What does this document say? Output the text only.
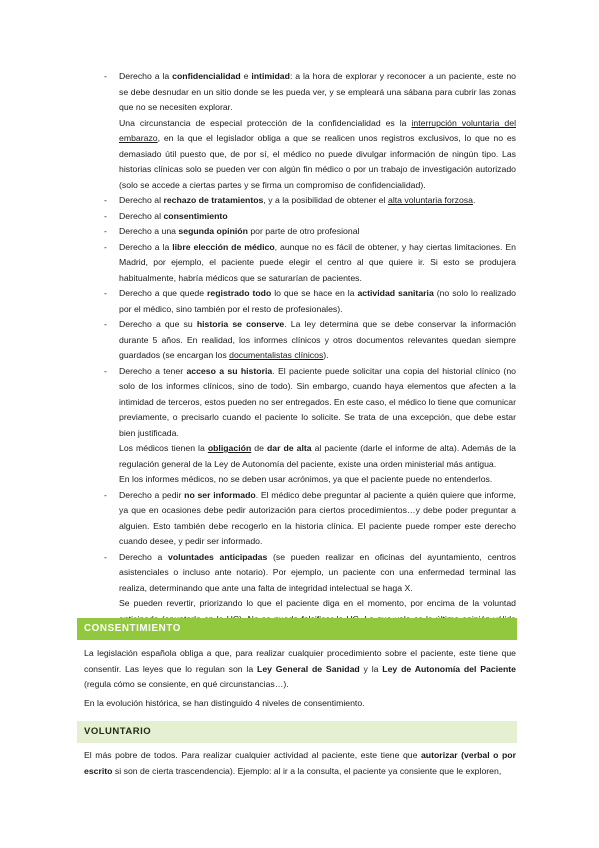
- Derecho a la confidencialidad e intimidad: a la hora de explorar y reconocer a un paciente, este no se debe desnudar en un sitio donde se les pueda ver, y se empleará una sábana para cubrir las zonas que no se necesiten explorar.
Una circunstancia de especial protección de la confidencialidad es la interrupción voluntaria del embarazo, en la que el legislador obliga a que se realicen unos registros exclusivos, lo que no es demasiado útil puesto que, de por sí, el médico no puede divulgar información de ningún tipo. Las historias clínicas solo se pueden ver con algún fin médico o por un trabajo de investigación autorizado (solo se accede a ciertas partes y se firma un compromiso de confidencialidad).
- Derecho al rechazo de tratamientos, y a la posibilidad de obtener el alta voluntaria forzosa.
- Derecho al consentimiento
- Derecho a una segunda opinión por parte de otro profesional
- Derecho a la libre elección de médico, aunque no es fácil de obtener, y hay ciertas limitaciones. En Madrid, por ejemplo, el paciente puede elegir el centro al que quiere ir. Si esto se produjera habitualmente, habría médicos que se saturarían de pacientes.
- Derecho a que quede registrado todo lo que se hace en la actividad sanitaria (no solo lo realizado por el médico, sino también por el resto de profesionales).
- Derecho a que su historia se conserve. La ley determina que se debe conservar la información durante 5 años. En realidad, los informes clínicos y otros documentos relevantes quedan siempre guardados (se encargan los documentalistas clínicos).
- Derecho a tener acceso a su historia. El paciente puede solicitar una copia del historial clínico (no solo de los informes clínicos, sino de todo). Sin embargo, cuando haya elementos que afecten a la intimidad de terceros, estos pueden no ser entregados. En este caso, el médico lo tiene que comunicar previamente, o precisarlo cuando el paciente lo solicite. Se trata de una excepción, que debe estar bien justificada.
Los médicos tienen la obligación de dar de alta al paciente (darle el informe de alta). Además de la regulación general de la Ley de Autonomía del paciente, existe una orden ministerial más antigua.
En los informes médicos, no se deben usar acrónimos, ya que el paciente puede no entenderlos.
- Derecho a pedir no ser informado. El médico debe preguntar al paciente a quién quiere que informe, ya que en ocasiones debe pedir autorización para ciertos procedimientos…y debe poder preguntar a alguien. Esto también debe recogerlo en la historia clínica. El paciente puede romper este derecho cuando desee, y pedir ser informado.
- Derecho a voluntades anticipadas (se pueden realizar en oficinas del ayuntamiento, centros asistenciales o incluso ante notario). Por ejemplo, un paciente con una enfermedad terminal las realiza, determinando que ante una falta de integridad intelectual se haga X.
Se pueden revertir, priorizando lo que el paciente diga en el momento, por encima de la voluntad
CONSENTIMIENTO
La legislación española obliga a que, para realizar cualquier procedimiento sobre el paciente, este tiene que consentir. Las leyes que lo regulan son la Ley General de Sanidad y la Ley de Autonomía del Paciente (regula cómo se consiente, en qué circunstancias…).
En la evolución histórica, se han distinguido 4 niveles de consentimiento.
VOLUNTARIO
El más pobre de todos. Para realizar cualquier actividad al paciente, este tiene que autorizar (verbal o por escrito si son de cierta trascendencia). Ejemplo: al ir a la consulta, el paciente ya consiente que le exploren,
